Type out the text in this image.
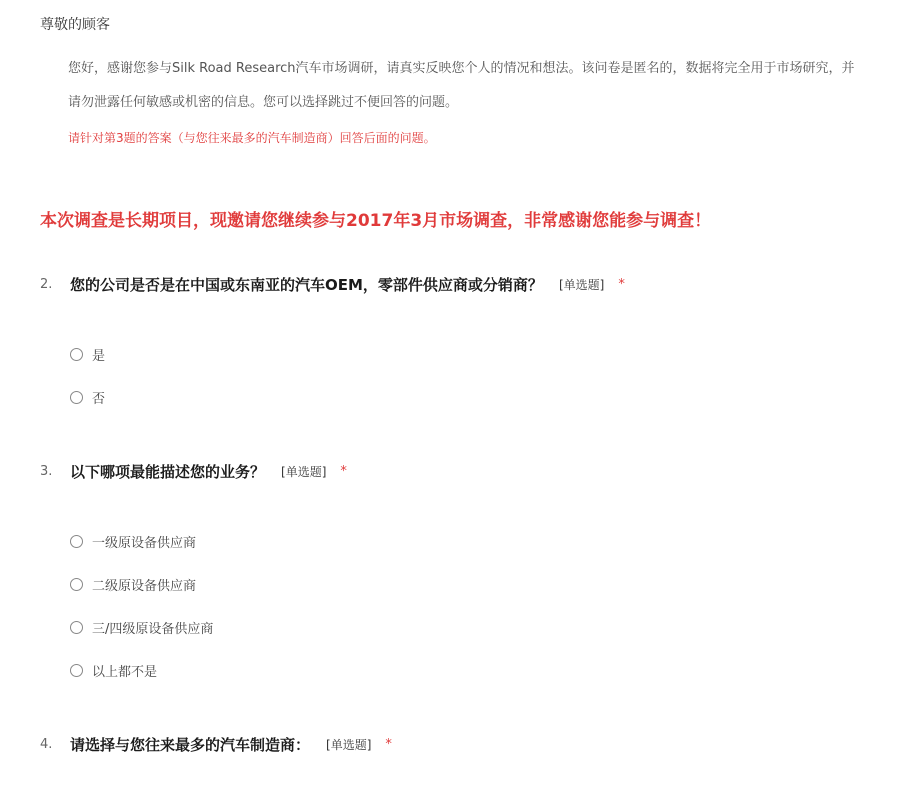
尊敬的顾客
您好，感谢您参与Silk Road Research汽车市场调研，请真实反映您个人的情况和想法。该问卷是匿名的，数据将完全用于市场研究，并
请勿泄露任何敏感或机密的信息。您可以选择跳过不便回答的问题。
请针对第3题的答案（与您往来最多的汽车制造商）回答后面的问题。
本次调查是长期项目，现邀请您继续参与2017年3月市场调查，非常感谢您能参与调查！
2.	您的公司是否是在中国或东南亚的汽车OEM，零部件供应商或分销商？ [单选题] *
是
否
3.	以下哪项最能描述您的业务？ [单选题] *
一级原设备供应商
二级原设备供应商
三/四级原设备供应商
以上都不是
4.	请选择与您往来最多的汽车制造商： [单选题] *
